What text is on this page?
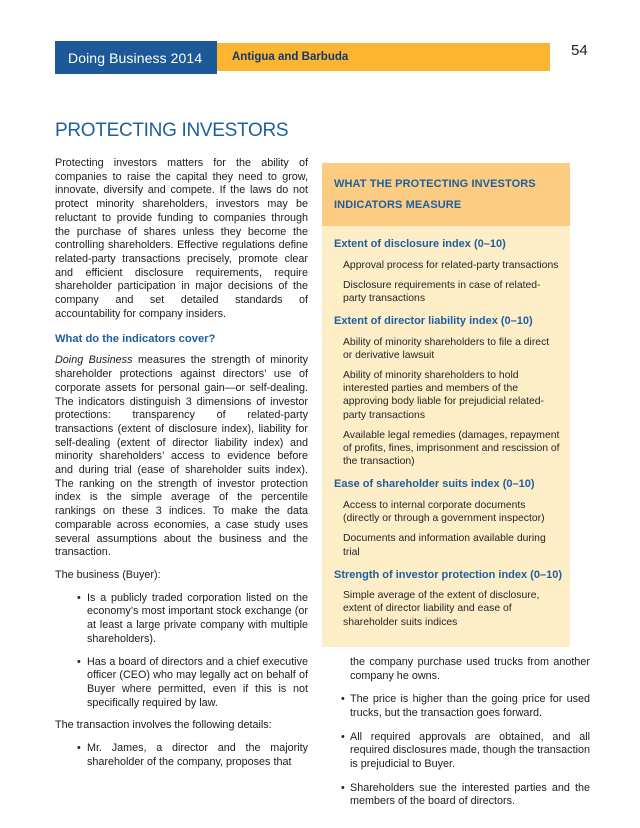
Doing Business 2014	Antigua and Barbuda	54
PROTECTING INVESTORS

Protecting investors matters for the ability of companies to raise the capital they need to grow, innovate, diversify and compete. If the laws do not protect minority shareholders, investors may be reluctant to provide funding to companies through the purchase of shares unless they become the controlling shareholders. Effective regulations define related-party transactions precisely, promote clear and efficient disclosure requirements, require shareholder participation in major decisions of the company and set detailed standards of accountability for company insiders.

What do the indicators cover?

Doing Business measures the strength of minority shareholder protections against directors’ use of corporate assets for personal gain—or self-dealing. The indicators distinguish 3 dimensions of investor protections: transparency of related-party transactions (extent of disclosure index), liability for self-dealing (extent of director liability index) and minority shareholders’ access to evidence before and during trial (ease of shareholder suits index). The ranking on the strength of investor protection index is the simple average of the percentile rankings on these 3 indices. To make the data comparable across economies, a case study uses several assumptions about the business and the transaction.

The business (Buyer):

• Is a publicly traded corporation listed on the economy’s most important stock exchange (or at least a large private company with multiple shareholders).
• Has a board of directors and a chief executive officer (CEO) who may legally act on behalf of Buyer where permitted, even if this is not specifically required by law.

The transaction involves the following details:

• Mr. James, a director and the majority shareholder of the company, proposes that
WHAT THE PROTECTING INVESTORS
INDICATORS MEASURE
Extent of disclosure index (0–10)
Approval process for related-party transactions
Disclosure requirements in case of related-party transactions
Extent of director liability index (0–10)
Ability of minority shareholders to file a direct or derivative lawsuit
Ability of minority shareholders to hold interested parties and members of the approving body liable for prejudicial related-party transactions
Available legal remedies (damages, repayment of profits, fines, imprisonment and rescission of the transaction)
Ease of shareholder suits index (0–10)
Access to internal corporate documents (directly or through a government inspector)
Documents and information available during trial
Strength of investor protection index (0–10)
Simple average of the extent of disclosure, extent of director liability and ease of shareholder suits indices
the company purchase used trucks from another company he owns.
• The price is higher than the going price for used trucks, but the transaction goes forward.
• All required approvals are obtained, and all required disclosures made, though the transaction is prejudicial to Buyer.
• Shareholders sue the interested parties and the members of the board of directors.
